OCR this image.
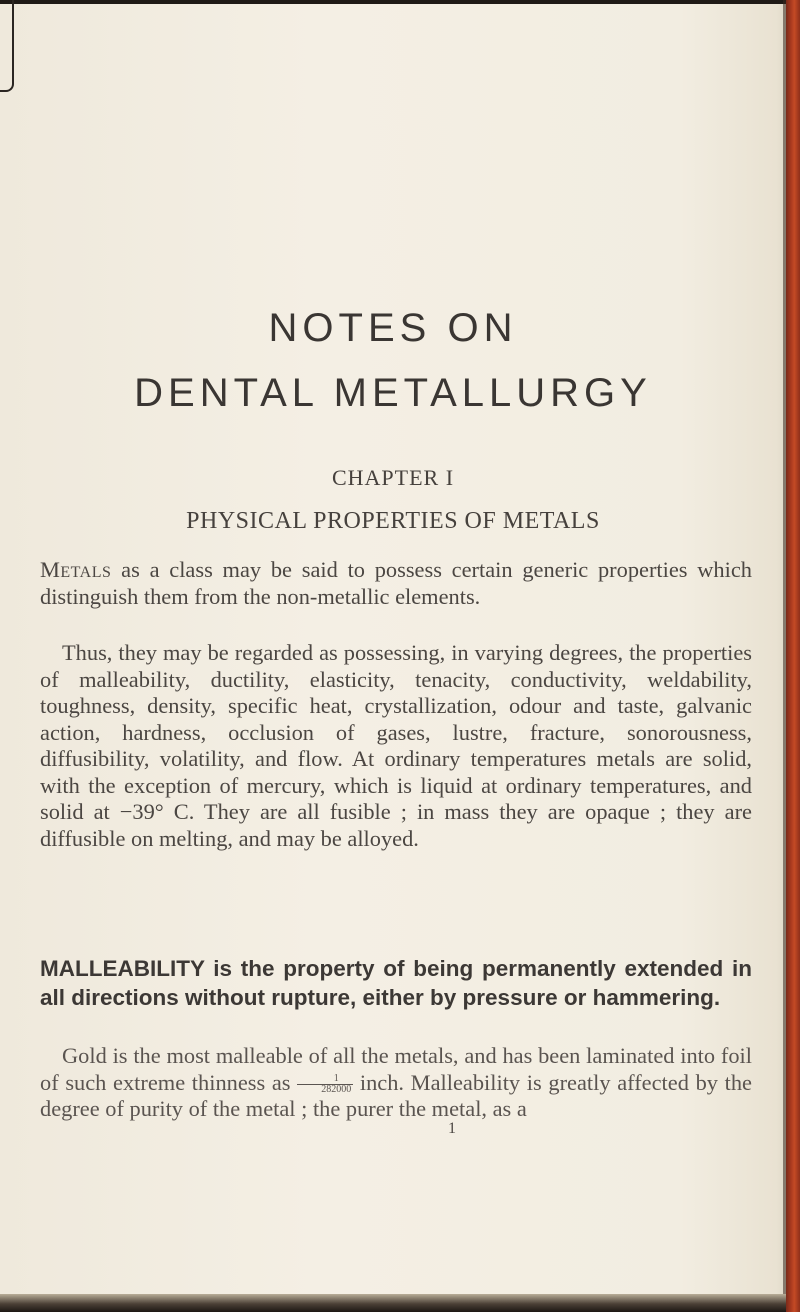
NOTES ON
DENTAL METALLURGY
CHAPTER I
PHYSICAL PROPERTIES OF METALS
Metals as a class may be said to possess certain generic properties which distinguish them from the non-metallic elements.
Thus, they may be regarded as possessing, in varying degrees, the properties of malleability, ductility, elasticity, tenacity, conductivity, weldability, toughness, density, specific heat, crystallization, odour and taste, galvanic action, hardness, occlusion of gases, lustre, fracture, sonorousness, diffusibility, volatility, and flow. At ordinary temperatures metals are solid, with the exception of mercury, which is liquid at ordinary temperatures, and solid at −39° C. They are all fusible ; in mass they are opaque ; they are diffusible on melting, and may be alloyed.
MALLEABILITY is the property of being permanently extended in all directions without rupture, either by pressure or hammering.
Gold is the most malleable of all the metals, and has been laminated into foil of such extreme thinness as $\frac{1}{282000}$ inch. Malleability is greatly affected by the degree of purity of the metal ; the purer the metal, as a
1
